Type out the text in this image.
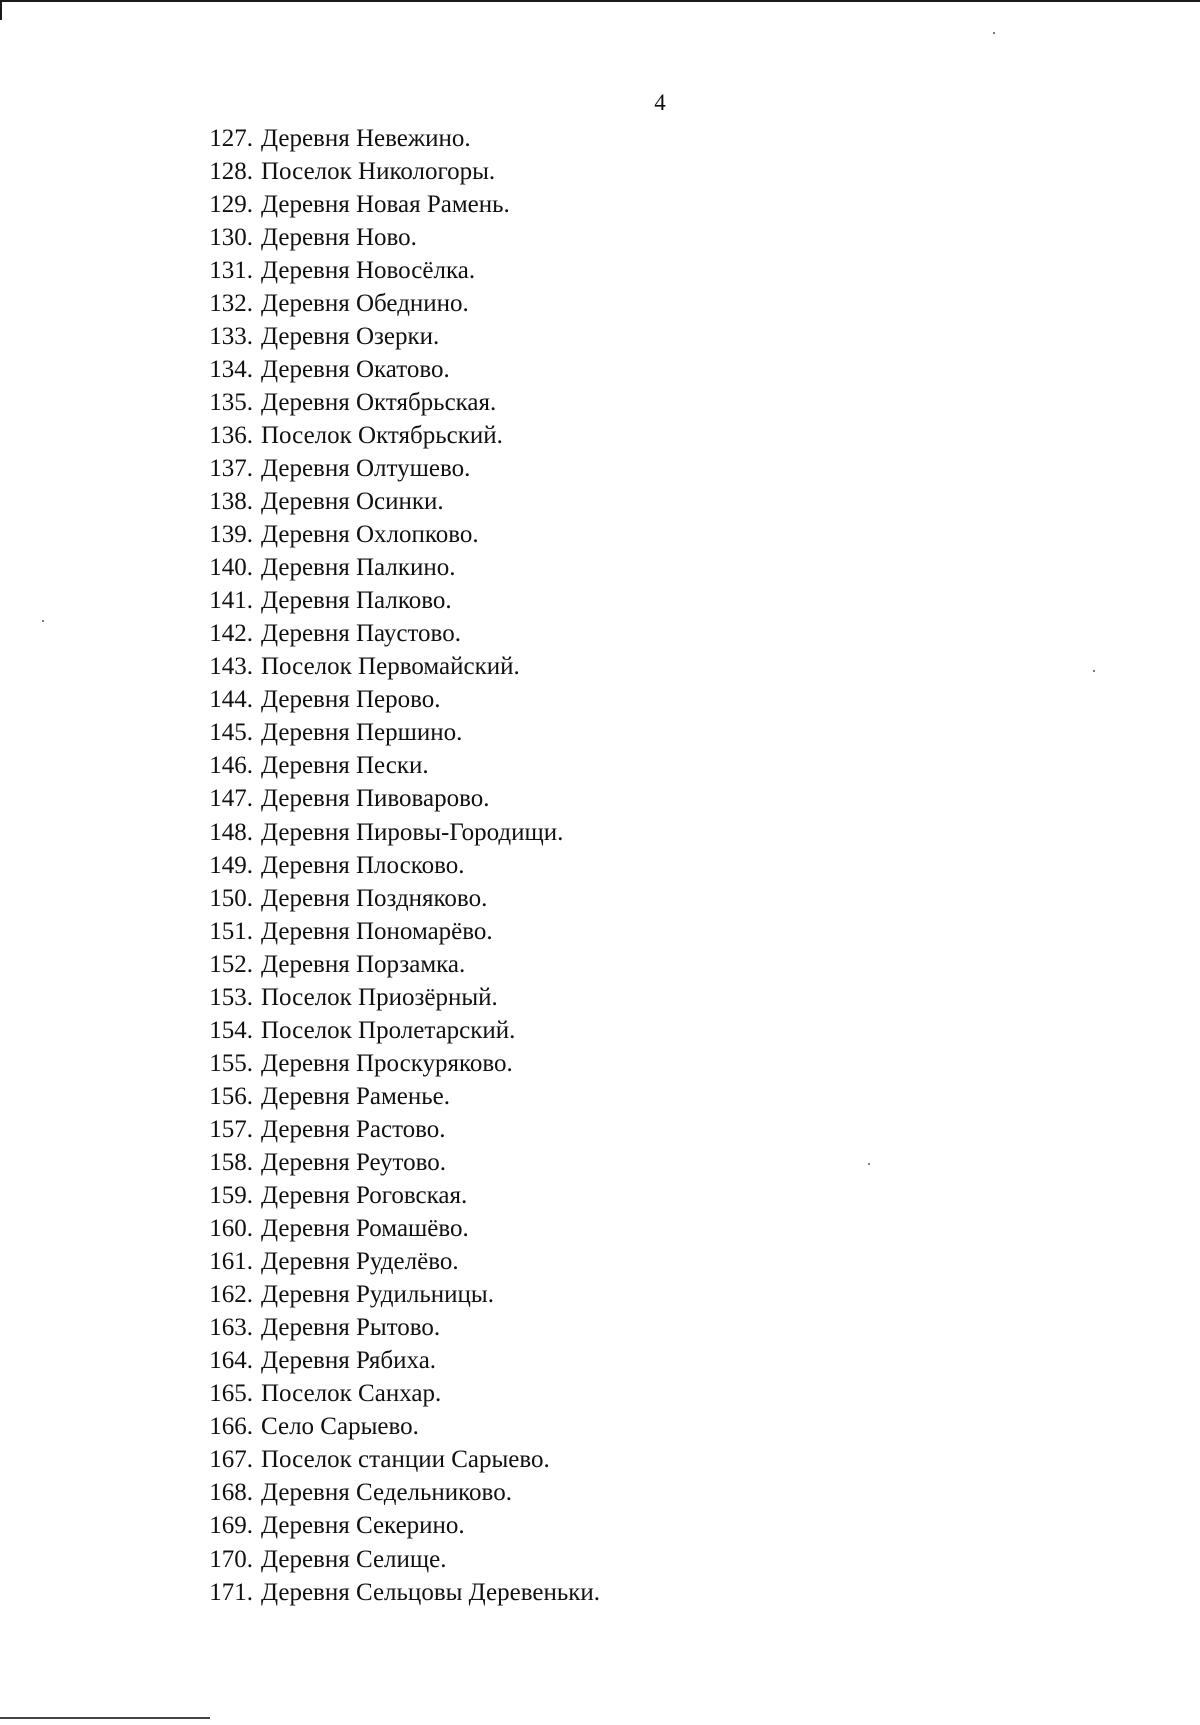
4
127. Деревня Невежино.
128. Поселок Никологоры.
129. Деревня Новая Рамень.
130. Деревня Ново.
131. Деревня Новосёлка.
132. Деревня Обеднино.
133. Деревня Озерки.
134. Деревня Окатово.
135. Деревня Октябрьская.
136. Поселок Октябрьский.
137. Деревня Олтушево.
138. Деревня Осинки.
139. Деревня Охлопково.
140. Деревня Палкино.
141. Деревня Палково.
142. Деревня Паустово.
143. Поселок Первомайский.
144. Деревня Перово.
145. Деревня Першино.
146. Деревня Пески.
147. Деревня Пивоварово.
148. Деревня Пировы-Городищи.
149. Деревня Плосково.
150. Деревня Поздняково.
151. Деревня Пономарёво.
152. Деревня Порзамка.
153. Поселок Приозёрный.
154. Поселок Пролетарский.
155. Деревня Проскуряково.
156. Деревня Раменье.
157. Деревня Растово.
158. Деревня Реутово.
159. Деревня Роговская.
160. Деревня Ромашёво.
161. Деревня Руделёво.
162. Деревня Рудильницы.
163. Деревня Рытово.
164. Деревня Рябиха.
165. Поселок Санхар.
166. Село Сарыево.
167. Поселок станции Сарыево.
168. Деревня Седельниково.
169. Деревня Секерино.
170. Деревня Селище.
171. Деревня Сельцовы Деревеньки.
